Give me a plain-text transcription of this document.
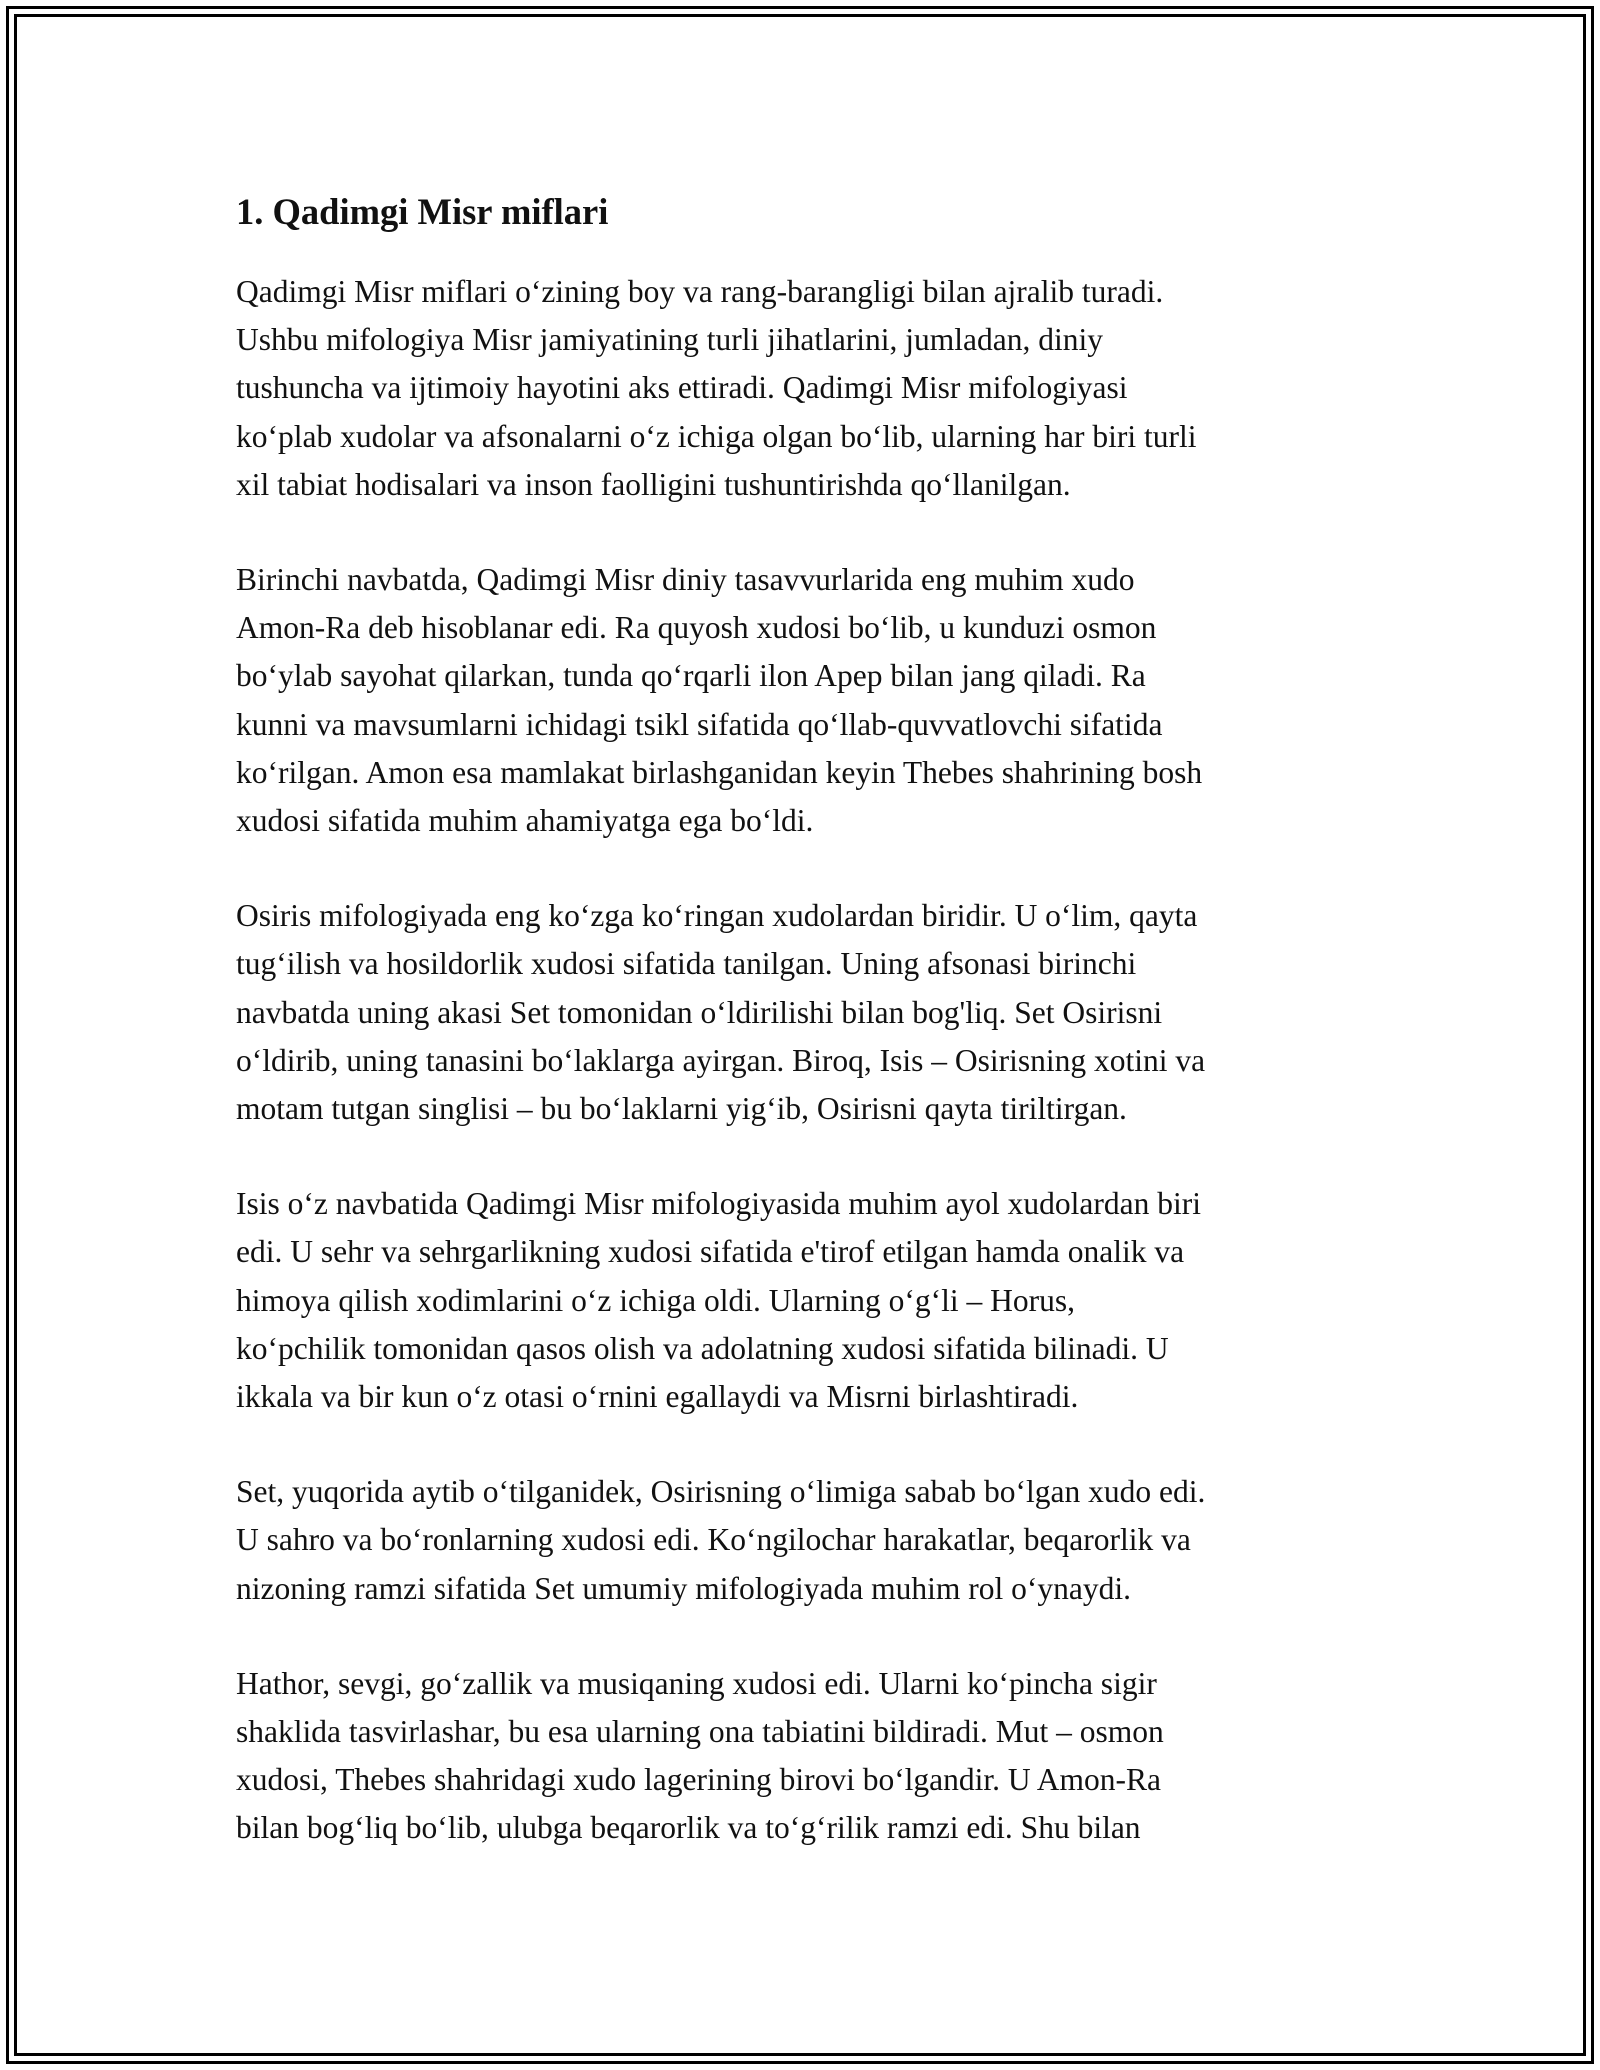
1. Qadimgi Misr miflari

Qadimgi Misr miflari o‘zining boy va rang-barangligi bilan ajralib turadi.
Ushbu mifologiya Misr jamiyatining turli jihatlarini, jumladan, diniy
tushuncha va ijtimoiy hayotini aks ettiradi. Qadimgi Misr mifologiyasi
ko‘plab xudolar va afsonalarni o‘z ichiga olgan bo‘lib, ularning har biri turli
xil tabiat hodisalari va inson faolligini tushuntirishda qo‘llanilgan.

Birinchi navbatda, Qadimgi Misr diniy tasavvurlarida eng muhim xudo
Amon-Ra deb hisoblanar edi. Ra quyosh xudosi bo‘lib, u kunduzi osmon
bo‘ylab sayohat qilarkan, tunda qo‘rqarli ilon Apep bilan jang qiladi. Ra
kunni va mavsumlarni ichidagi tsikl sifatida qo‘llab-quvvatlovchi sifatida
ko‘rilgan. Amon esa mamlakat birlashganidan keyin Thebes shahrining bosh
xudosi sifatida muhim ahamiyatga ega bo‘ldi.

Osiris mifologiyada eng ko‘zga ko‘ringan xudolardan biridir. U o‘lim, qayta
tug‘ilish va hosildorlik xudosi sifatida tanilgan. Uning afsonasi birinchi
navbatda uning akasi Set tomonidan o‘ldirilishi bilan bog'liq. Set Osirisni
o‘ldirib, uning tanasini bo‘laklarga ayirgan. Biroq, Isis – Osirisning xotini va
motam tutgan singlisi – bu bo‘laklarni yig‘ib, Osirisni qayta tiriltirgan.

Isis o‘z navbatida Qadimgi Misr mifologiyasida muhim ayol xudolardan biri
edi. U sehr va sehrgarlikning xudosi sifatida e'tirof etilgan hamda onalik va
himoya qilish xodimlarini o‘z ichiga oldi. Ularning o‘g‘li – Horus,
ko‘pchilik tomonidan qasos olish va adolatning xudosi sifatida bilinadi. U
ikkala va bir kun o‘z otasi o‘rnini egallaydi va Misrni birlashtiradi.

Set, yuqorida aytib o‘tilganidek, Osirisning o‘limiga sabab bo‘lgan xudo edi.
U sahro va bo‘ronlarning xudosi edi. Ko‘ngilochar harakatlar, beqarorlik va
nizoning ramzi sifatida Set umumiy mifologiyada muhim rol o‘ynaydi.

Hathor, sevgi, go‘zallik va musiqaning xudosi edi. Ularni ko‘pincha sigir
shaklida tasvirlashar, bu esa ularning ona tabiatini bildiradi. Mut – osmon
xudosi, Thebes shahridagi xudo lagerining birovi bo‘lgandir. U Amon-Ra
bilan bog‘liq bo‘lib, ulubga beqarorlik va to‘g‘rilik ramzi edi. Shu bilan
